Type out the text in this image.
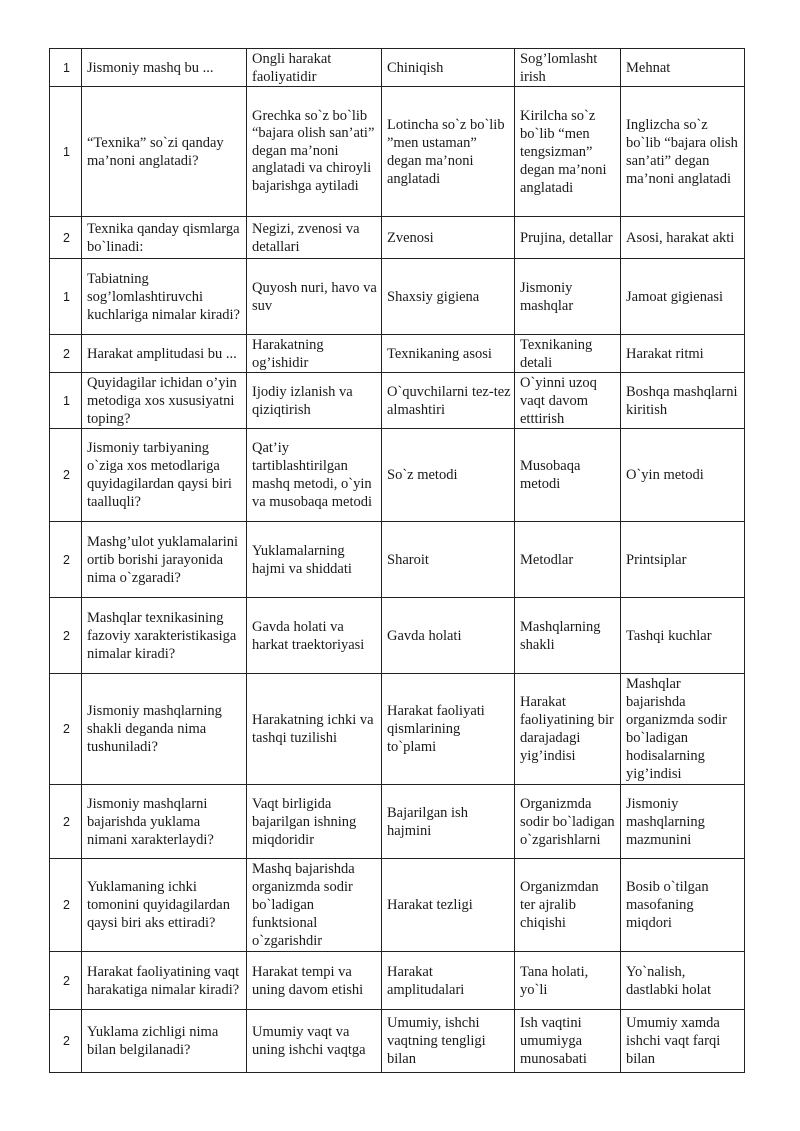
1	Jismoniy mashq bu ...	Ongli harakat faoliyatidir	Chiniqish	Sog’lomlasht irish	Mehnat
1	“Texnika” so`zi qanday ma’noni anglatadi?	Grechka so`z bo`lib “bajara olish san’ati” degan ma’noni anglatadi va chiroyli bajarishga aytiladi	Lotincha so`z bo`lib ”men ustaman” degan ma’noni anglatadi	Kirilcha so`z bo`lib “men tengsizman” degan ma’noni anglatadi	Inglizcha so`z bo`lib “bajara olish san’ati” degan ma’noni anglatadi
2	Texnika qanday qismlarga bo`linadi:	Negizi, zvenosi va detallari	Zvenosi	Prujina, detallar	Asosi, harakat akti
1	Tabiatning sog’lomlashtiruvchi kuchlariga nimalar kiradi?	Quyosh nuri, havo va suv	Shaxsiy gigiena	Jismoniy mashqlar	Jamoat gigienasi
2	Harakat amplitudasi bu ...	Harakatning og’ishidir	Texnikaning asosi	Texnikaning detali	Harakat ritmi
1	Quyidagilar ichidan o’yin metodiga xos xususiyatni toping?	Ijodiy izlanish va qiziqtirish	O`quvchilarni tez-tez almashtiri	O`yinni uzoq vaqt davom etttirish	Boshqa mashqlarni kiritish
2	Jismoniy tarbiyaning o`ziga xos metodlariga quyidagilardan qaysi biri taalluqli?	Qat’iy tartiblashtirilgan mashq metodi, o`yin va musobaqa metodi	So`z metodi	Musobaqa metodi	O`yin metodi
2	Mashg’ulot yuklamalarini ortib borishi jarayonida nima o`zgaradi?	Yuklamalarning hajmi va shiddati	Sharoit	Metodlar	Printsiplar
2	Mashqlar texnikasining fazoviy xarakteristikasiga nimalar kiradi?	Gavda holati va harkat traektoriyasi	Gavda holati	Mashqlarning shakli	Tashqi kuchlar
2	Jismoniy mashqlarning shakli deganda nima tushuniladi?	Harakatning ichki va tashqi tuzilishi	Harakat faoliyati qismlarining to`plami	Harakat faoliyatining bir darajadagi yig’indisi	Mashqlar bajarishda organizmda sodir bo`ladigan hodisalarning yig’indisi
2	Jismoniy mashqlarni bajarishda yuklama nimani xarakterlaydi?	Vaqt birligida bajarilgan ishning miqdoridir	Bajarilgan ish hajmini	Organizmda sodir bo`ladigan o`zgarishlarni	Jismoniy mashqlarning mazmunini
2	Yuklamaning ichki tomonini quyidagilardan qaysi biri aks ettiradi?	Mashq bajarishda organizmda sodir bo`ladigan funktsional o`zgarishdir	Harakat tezligi	Organizmdan ter ajralib chiqishi	Bosib o`tilgan masofaning miqdori
2	Harakat faoliyatining vaqt harakatiga nimalar kiradi?	Harakat tempi va uning davom etishi	Harakat amplitudalari	Tana holati, yo`li	Yo`nalish, dastlabki holat
2	Yuklama zichligi nima bilan belgilanadi?	Umumiy vaqt va uning ishchi vaqtga	Umumiy, ishchi vaqtning tengligi bilan	Ish vaqtini umumiyga munosabati	Umumiy xamda ishchi vaqt farqi bilan
